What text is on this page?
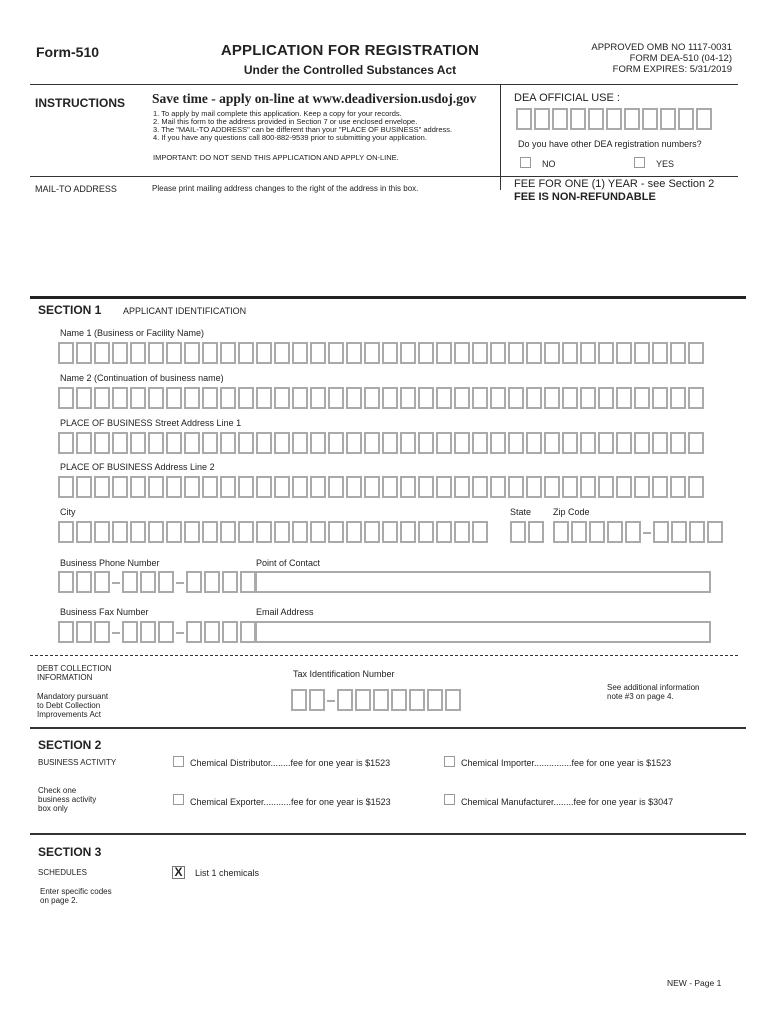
Form-510	APPLICATION FOR REGISTRATION
Under the Controlled Substances Act
APPROVED OMB NO 1117-0031
FORM DEA-510 (04-12)
FORM EXPIRES: 5/31/2019
INSTRUCTIONS Save time - apply on-line at www.deadiversion.usdoj.gov
1. To apply by mail complete this application. Keep a copy for your records.
2. Mail this form to the address provided in Section 7 or use enclosed envelope.
3. The "MAIL-TO ADDRESS" can be different than your "PLACE OF BUSINESS" address.
4. If you have any questions call 800-882-9539 prior to submitting your application.
IMPORTANT: DO NOT SEND THIS APPLICATION AND APPLY ON-LINE.
DEA OFFICIAL USE :
Do you have other DEA registration numbers?
NO	YES
MAIL-TO ADDRESS	Please print mailing address changes to the right of the address in this box.	FEE FOR ONE (1) YEAR - see Section 2
FEE IS NON-REFUNDABLE
SECTION 1 APPLICANT IDENTIFICATION
Name 1 (Business or Facility Name)
Name 2 (Continuation of business name)
PLACE OF BUSINESS Street Address Line 1
PLACE OF BUSINESS Address Line 2
City	State Zip Code
Business Phone Number	Point of Contact
Business Fax Number	Email Address
DEBT COLLECTION
INFORMATION
Mandatory pursuant
to Debt Collection
Improvements Act
Tax Identification Number
See additional information
note #3 on page 4.
SECTION 2
BUSINESS ACTIVITY
Check one
business activity
box only
Chemical Distributor........fee for one year is $1523	Chemical Importer...............fee for one year is $1523
Chemical Exporter...........fee for one year is $1523	Chemical Manufacturer........fee for one year is $3047
SECTION 3
SCHEDULES
Enter specific codes
on page 2.
X List 1 chemicals
NEW - Page 1
